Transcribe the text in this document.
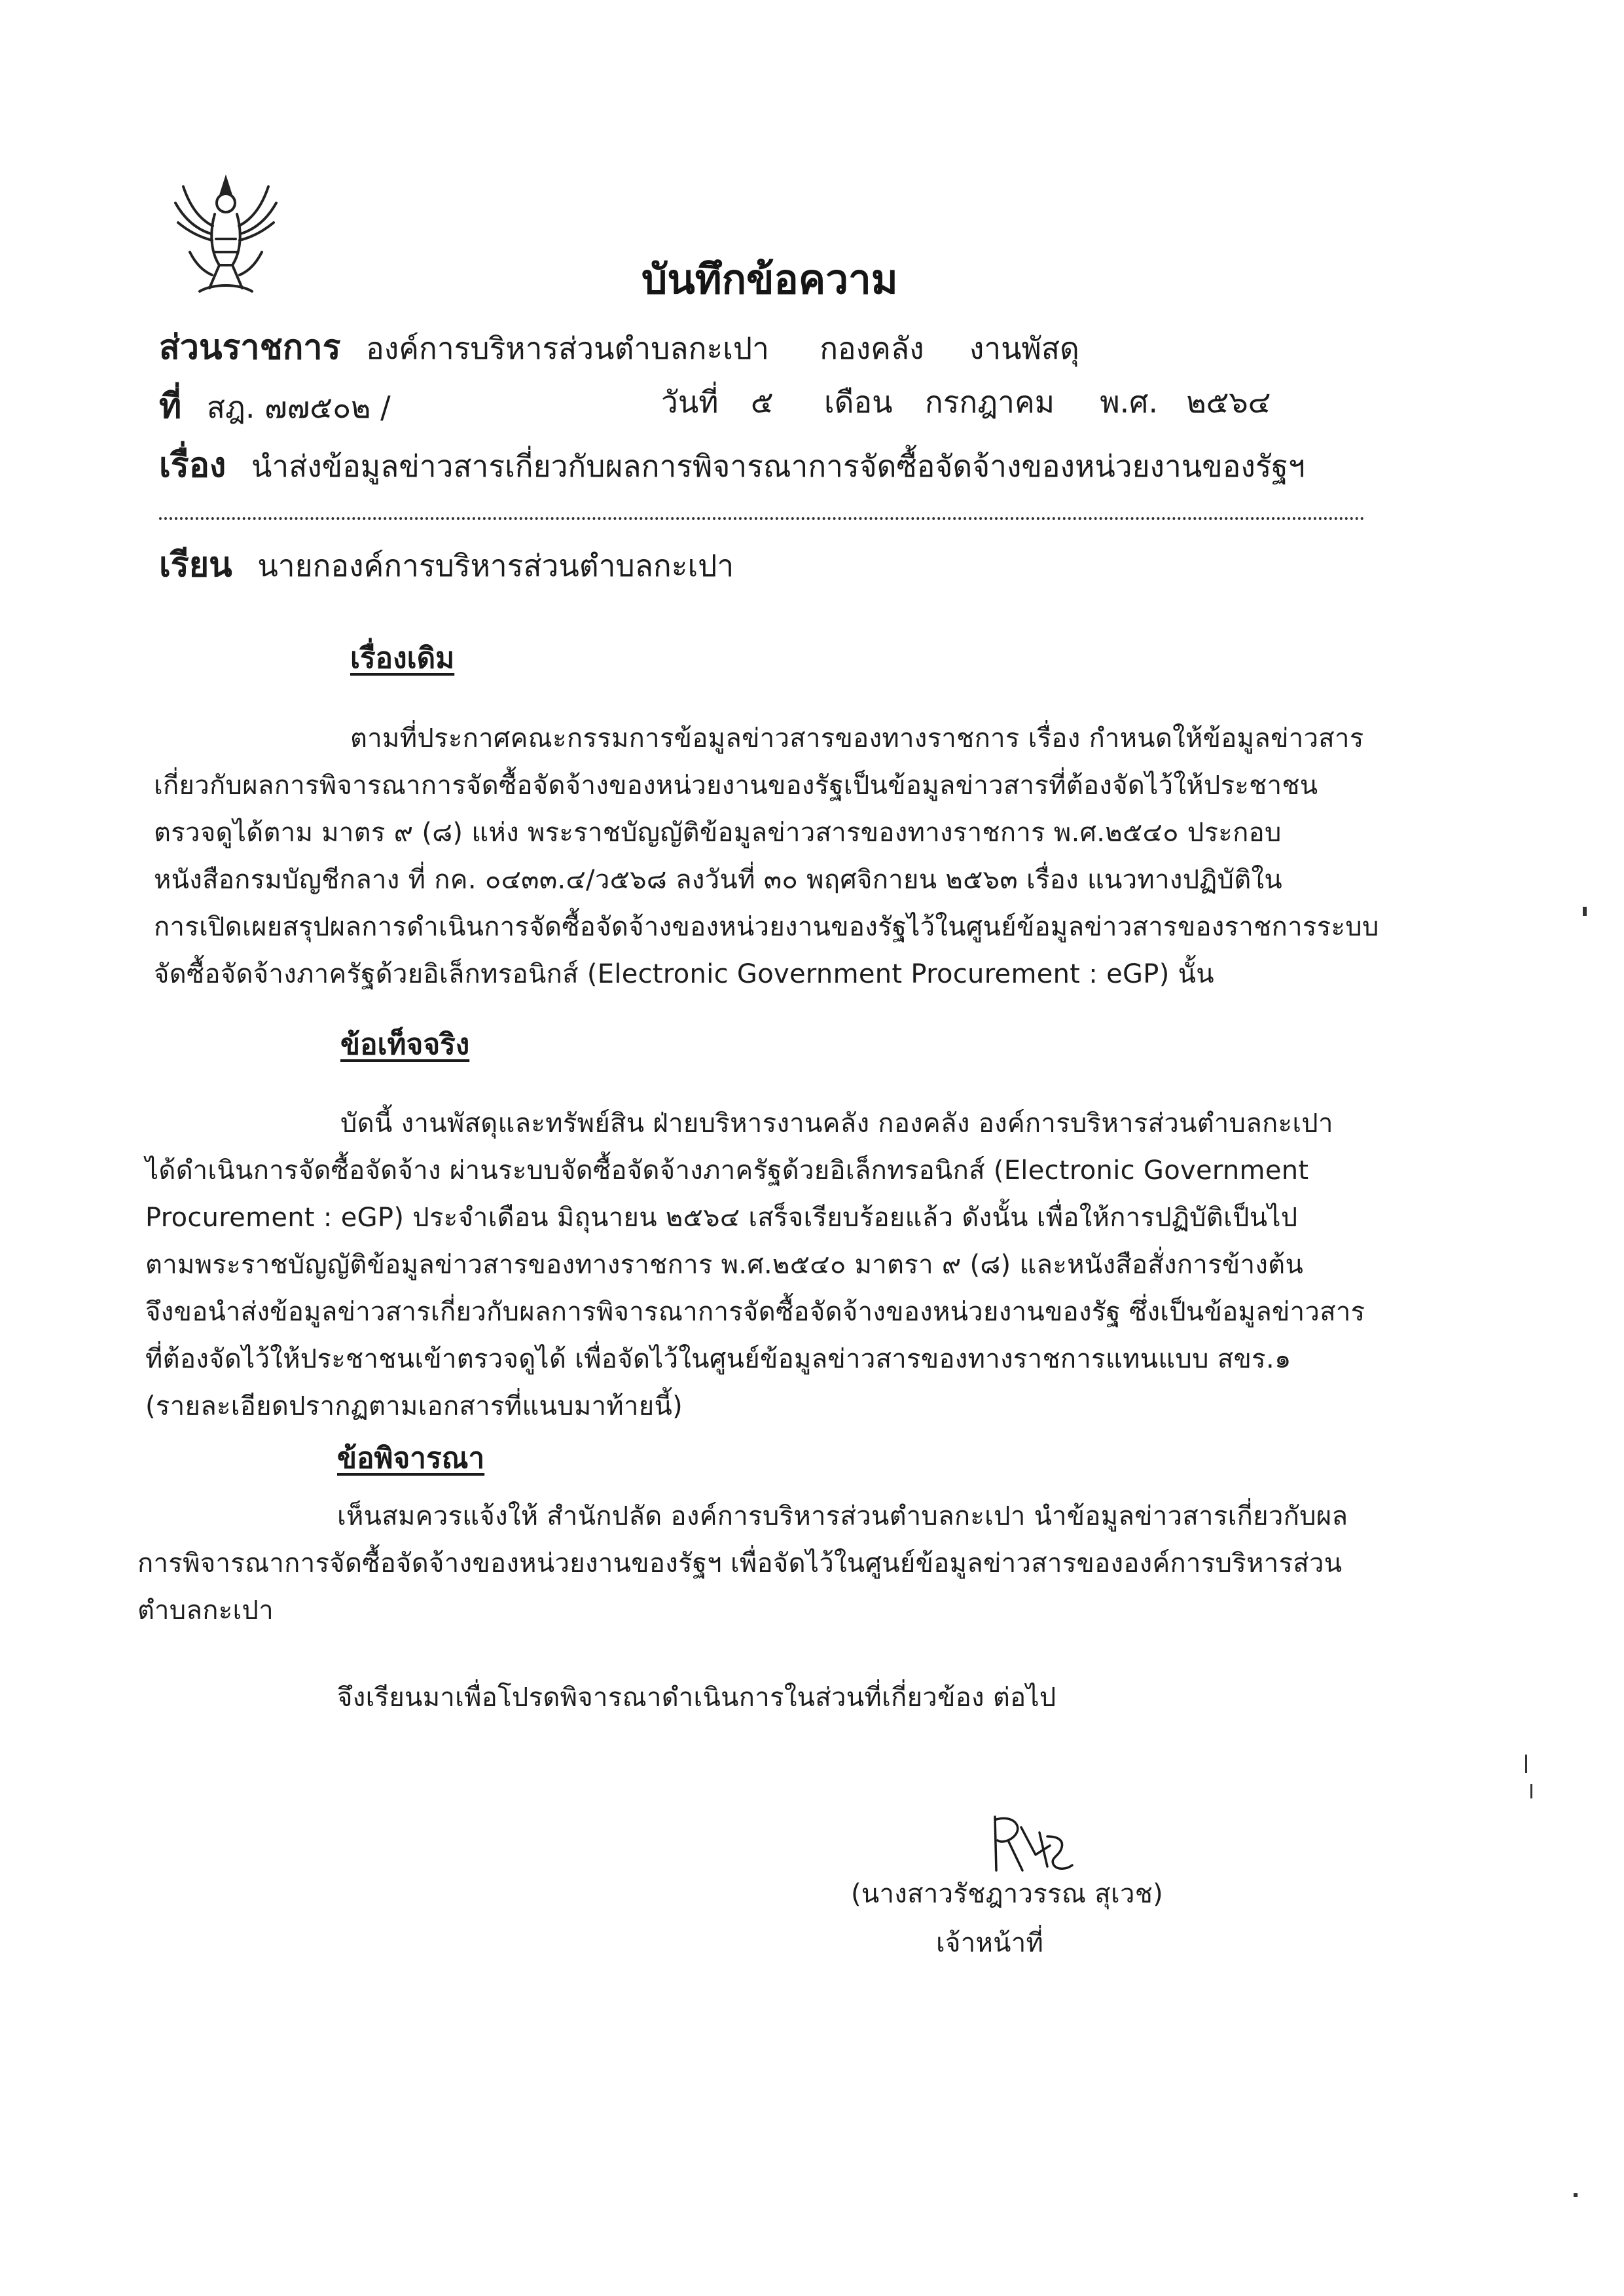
บันทึกข้อความ
ส่วนราชการ องค์การบริหารส่วนตำบลกะเปา กองคลัง งานพัสดุ
ที่ สฎ. ๗๗๕๐๒ /	วันที่ ๕ เดือน กรกฎาคม พ.ศ. ๒๕๖๔
เรื่อง นำส่งข้อมูลข่าวสารเกี่ยวกับผลการพิจารณาการจัดซื้อจัดจ้างของหน่วยงานของรัฐฯ
เรียน นายกองค์การบริหารส่วนตำบลกะเปา
เรื่องเดิม
ตามที่ประกาศคณะกรรมการข้อมูลข่าวสารของทางราชการ เรื่อง กำหนดให้ข้อมูลข่าวสาร
เกี่ยวกับผลการพิจารณาการจัดซื้อจัดจ้างของหน่วยงานของรัฐเป็นข้อมูลข่าวสารที่ต้องจัดไว้ให้ประชาชน
ตรวจดูได้ตาม มาตร ๙ (๘) แห่ง พระราชบัญญัติข้อมูลข่าวสารของทางราชการ พ.ศ.๒๕๔๐ ประกอบ
หนังสือกรมบัญชีกลาง ที่ กค. ๐๔๓๓.๔/ว๕๖๘ ลงวันที่ ๓๐ พฤศจิกายน ๒๕๖๓ เรื่อง แนวทางปฏิบัติใน
การเปิดเผยสรุปผลการดำเนินการจัดซื้อจัดจ้างของหน่วยงานของรัฐไว้ในศูนย์ข้อมูลข่าวสารของราชการระบบ
จัดซื้อจัดจ้างภาครัฐด้วยอิเล็กทรอนิกส์ (Electronic Government Procurement : eGP) นั้น
ข้อเท็จจริง
บัดนี้ งานพัสดุและทรัพย์สิน ฝ่ายบริหารงานคลัง กองคลัง องค์การบริหารส่วนตำบลกะเปา
ได้ดำเนินการจัดซื้อจัดจ้าง ผ่านระบบจัดซื้อจัดจ้างภาครัฐด้วยอิเล็กทรอนิกส์ (Electronic Government
Procurement : eGP) ประจำเดือน มิถุนายน ๒๕๖๔ เสร็จเรียบร้อยแล้ว ดังนั้น เพื่อให้การปฏิบัติเป็นไป
ตามพระราชบัญญัติข้อมูลข่าวสารของทางราชการ พ.ศ.๒๕๔๐ มาตรา ๙ (๘) และหนังสือสั่งการข้างต้น
จึงขอนำส่งข้อมูลข่าวสารเกี่ยวกับผลการพิจารณาการจัดซื้อจัดจ้างของหน่วยงานของรัฐ ซึ่งเป็นข้อมูลข่าวสาร
ที่ต้องจัดไว้ให้ประชาชนเข้าตรวจดูได้ เพื่อจัดไว้ในศูนย์ข้อมูลข่าวสารของทางราชการแทนแบบ สขร.๑
(รายละเอียดปรากฏตามเอกสารที่แนบมาท้ายนี้)
ข้อพิจารณา
เห็นสมควรแจ้งให้ สำนักปลัด องค์การบริหารส่วนตำบลกะเปา นำข้อมูลข่าวสารเกี่ยวกับผล
การพิจารณาการจัดซื้อจัดจ้างของหน่วยงานของรัฐฯ เพื่อจัดไว้ในศูนย์ข้อมูลข่าวสารขององค์การบริหารส่วน
ตำบลกะเปา
จึงเรียนมาเพื่อโปรดพิจารณาดำเนินการในส่วนที่เกี่ยวข้อง ต่อไป
(นางสาวรัชฎาวรรณ สุเวช)
เจ้าหน้าที่
